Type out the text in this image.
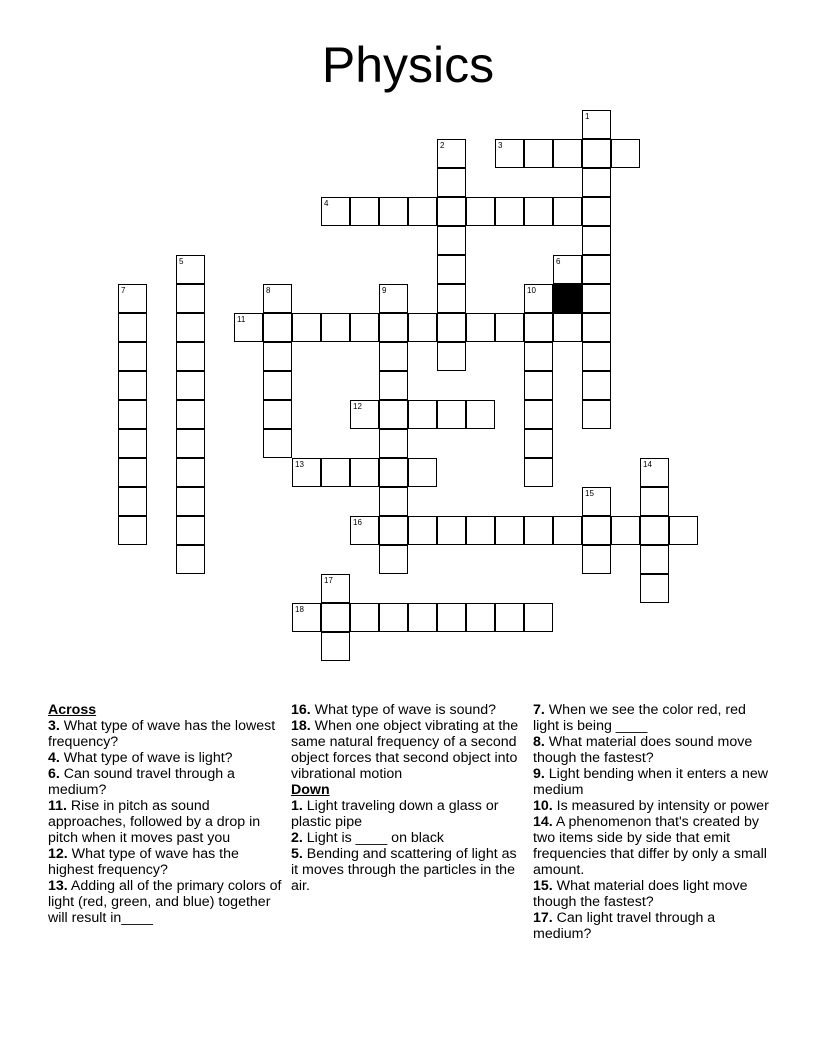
Physics
1
2	3
4
5	6
7	8	9	10
11
12
13	14
15
16
17
18
Across
3. What type of wave has the lowest frequency?
4. What type of wave is light?
6. Can sound travel through a medium?
11. Rise in pitch as sound approaches, followed by a drop in pitch when it moves past you
12. What type of wave has the highest frequency?
13. Adding all of the primary colors of light (red, green, and blue) together will result in____
16. What type of wave is sound?
18. When one object vibrating at the same natural frequency of a second object forces that second object into vibrational motion
Down
1. Light traveling down a glass or plastic pipe
2. Light is ____ on black
5. Bending and scattering of light as it moves through the particles in the air.
7. When we see the color red, red light is being ____
8. What material does sound move though the fastest?
9. Light bending when it enters a new medium
10. Is measured by intensity or power
14. A phenomenon that's created by two items side by side that emit frequencies that differ by only a small amount.
15. What material does light move though the fastest?
17. Can light travel through a medium?
